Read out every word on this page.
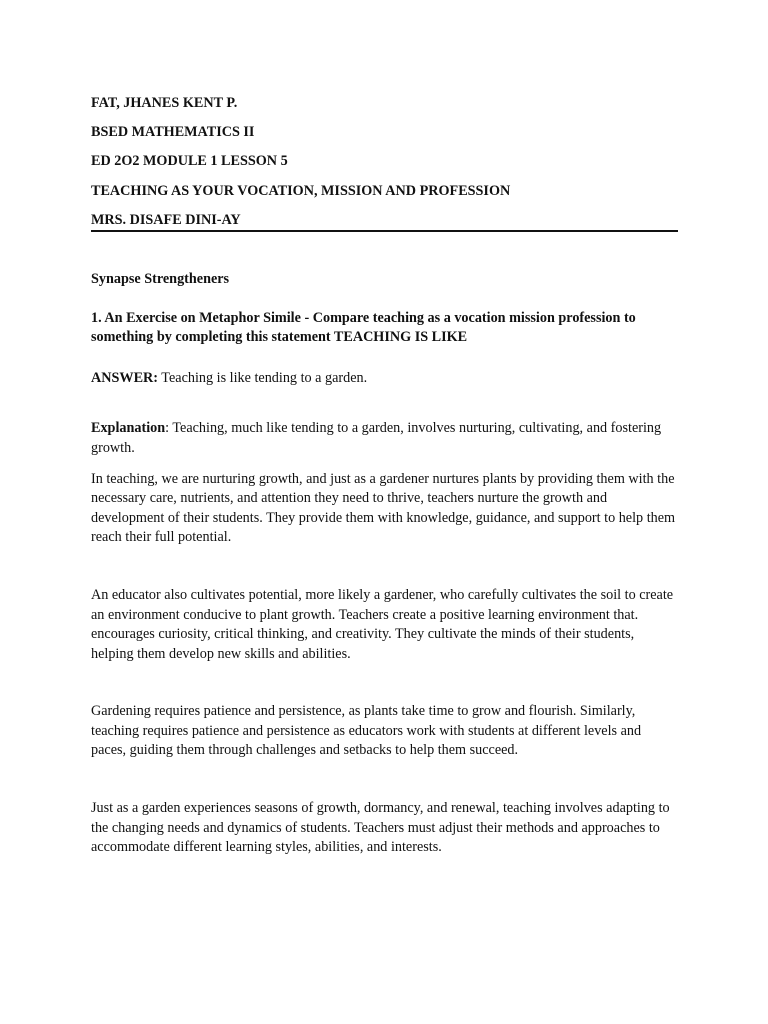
FAT, JHANES KENT P.
BSED MATHEMATICS II
ED 2O2 MODULE 1 LESSON 5
TEACHING AS YOUR VOCATION, MISSION AND PROFESSION
MRS. DISAFE DINI-AY
Synapse Strengtheners
1. An Exercise on Metaphor Simile - Compare teaching as a vocation mission profession to something by completing this statement TEACHING IS LIKE

ANSWER: Teaching is like tending to a garden.

Explanation: Teaching, much like tending to a garden, involves nurturing, cultivating, and fostering growth.

In teaching, we are nurturing growth, and just as a gardener nurtures plants by providing them with the necessary care, nutrients, and attention they need to thrive, teachers nurture the growth and development of their students. They provide them with knowledge, guidance, and support to help them reach their full potential.

An educator also cultivates potential, more likely a gardener, who carefully cultivates the soil to create an environment conducive to plant growth. Teachers create a positive learning environment that. encourages curiosity, critical thinking, and creativity. They cultivate the minds of their students, helping them develop new skills and abilities.

Gardening requires patience and persistence, as plants take time to grow and flourish. Similarly, teaching requires patience and persistence as educators work with students at different levels and paces, guiding them through challenges and setbacks to help them succeed.

Just as a garden experiences seasons of growth, dormancy, and renewal, teaching involves adapting to the changing needs and dynamics of students. Teachers must adjust their methods and approaches to accommodate different learning styles, abilities, and interests.
